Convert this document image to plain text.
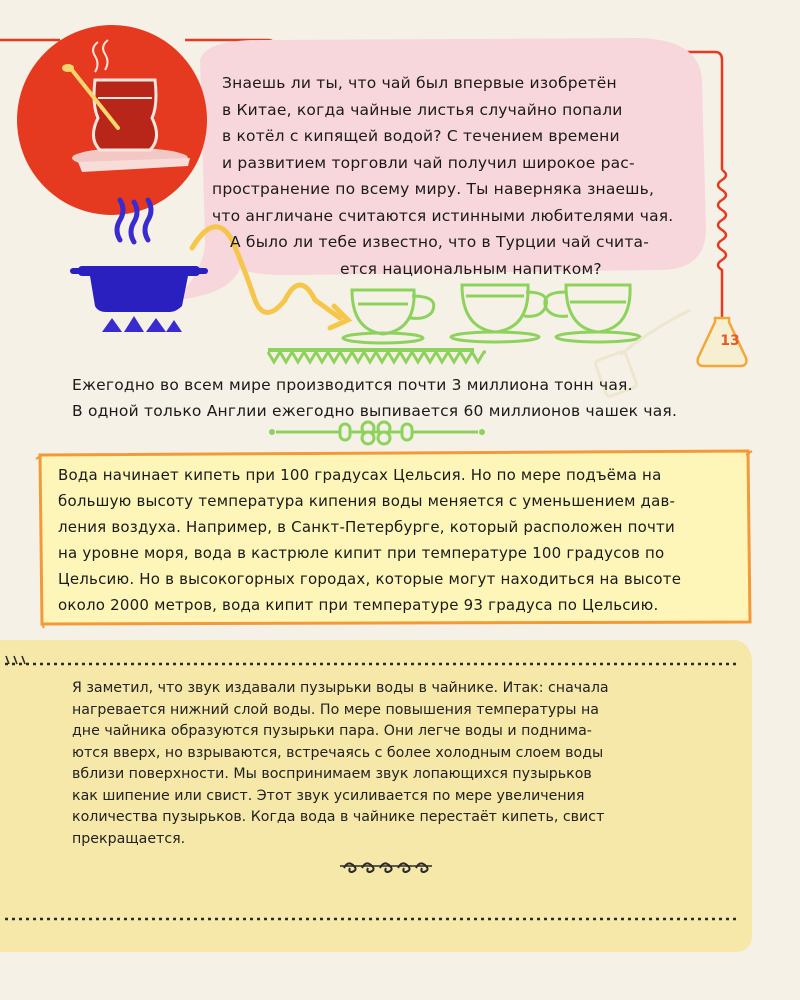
Знаешь ли ты, что чай был впервые изобретён
в Китае, когда чайные листья случайно попали
в котёл с кипящей водой? С течением времени
и развитием торговли чай получил широкое рас-
пространение по всему миру. Ты наверняка знаешь,
что англичане считаются истинными любителями чая.
А было ли тебе известно, что в Турции чай счита-
ется национальным напитком?
Ежегодно во всем мире производится почти 3 миллиона тонн чая.
В одной только Англии ежегодно выпивается 60 миллионов чашек чая.
Вода начинает кипеть при 100 градусах Цельсия. Но по мере подъёма на
большую высоту температура кипения воды меняется с уменьшением дав-
ления воздуха. Например, в Санкт-Петербурге, который расположен почти
на уровне моря, вода в кастрюле кипит при температуре 100 градусов по
Цельсию. Но в высокогорных городах, которые могут находиться на высоте
около 2000 метров, вода кипит при температуре 93 градуса по Цельсию.
Я заметил, что звук издавали пузырьки воды в чайнике. Итак: сначала
нагревается нижний слой воды. По мере повышения температуры на
дне чайника образуются пузырьки пара. Они легче воды и поднима-
ются вверх, но взрываются, встречаясь с более холодным слоем воды
вблизи поверхности. Мы воспринимаем звук лопающихся пузырьков
как шипение или свист. Этот звук усиливается по мере увеличения
количества пузырьков. Когда вода в чайнике перестаёт кипеть, свист
прекращается.
13
